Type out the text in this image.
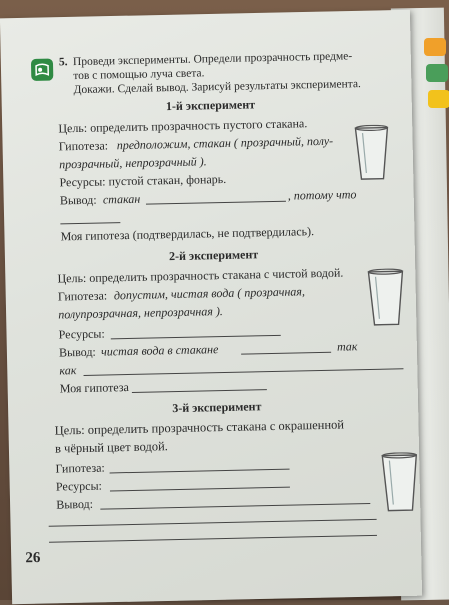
5. Проведи эксперименты. Определи прозрачность предме-
тов с помощью луча света.
Докажи. Сделай вывод. Зарисуй результаты эксперимента.
1-й эксперимент
Цель: определить прозрачность пустого стакана.
Гипотеза: предположим, стакан ( прозрачный, полу-
прозрачный, непрозрачный ).
Ресурсы: пустой стакан, фонарь.
Вывод: стакан	, потому что
Моя гипотеза (подтвердилась, не подтвердилась).
2-й эксперимент
Цель: определить прозрачность стакана с чистой водой.
Гипотеза: допустим, чистая вода ( прозрачная,
полупрозрачная, непрозрачная ).
Ресурсы:
Вывод: чистая вода в стакане	так
как
Моя гипотеза
3-й эксперимент
Цель: определить прозрачность стакана с окрашенной
в чёрный цвет водой.
Гипотеза:
Ресурсы:
Вывод:
26
